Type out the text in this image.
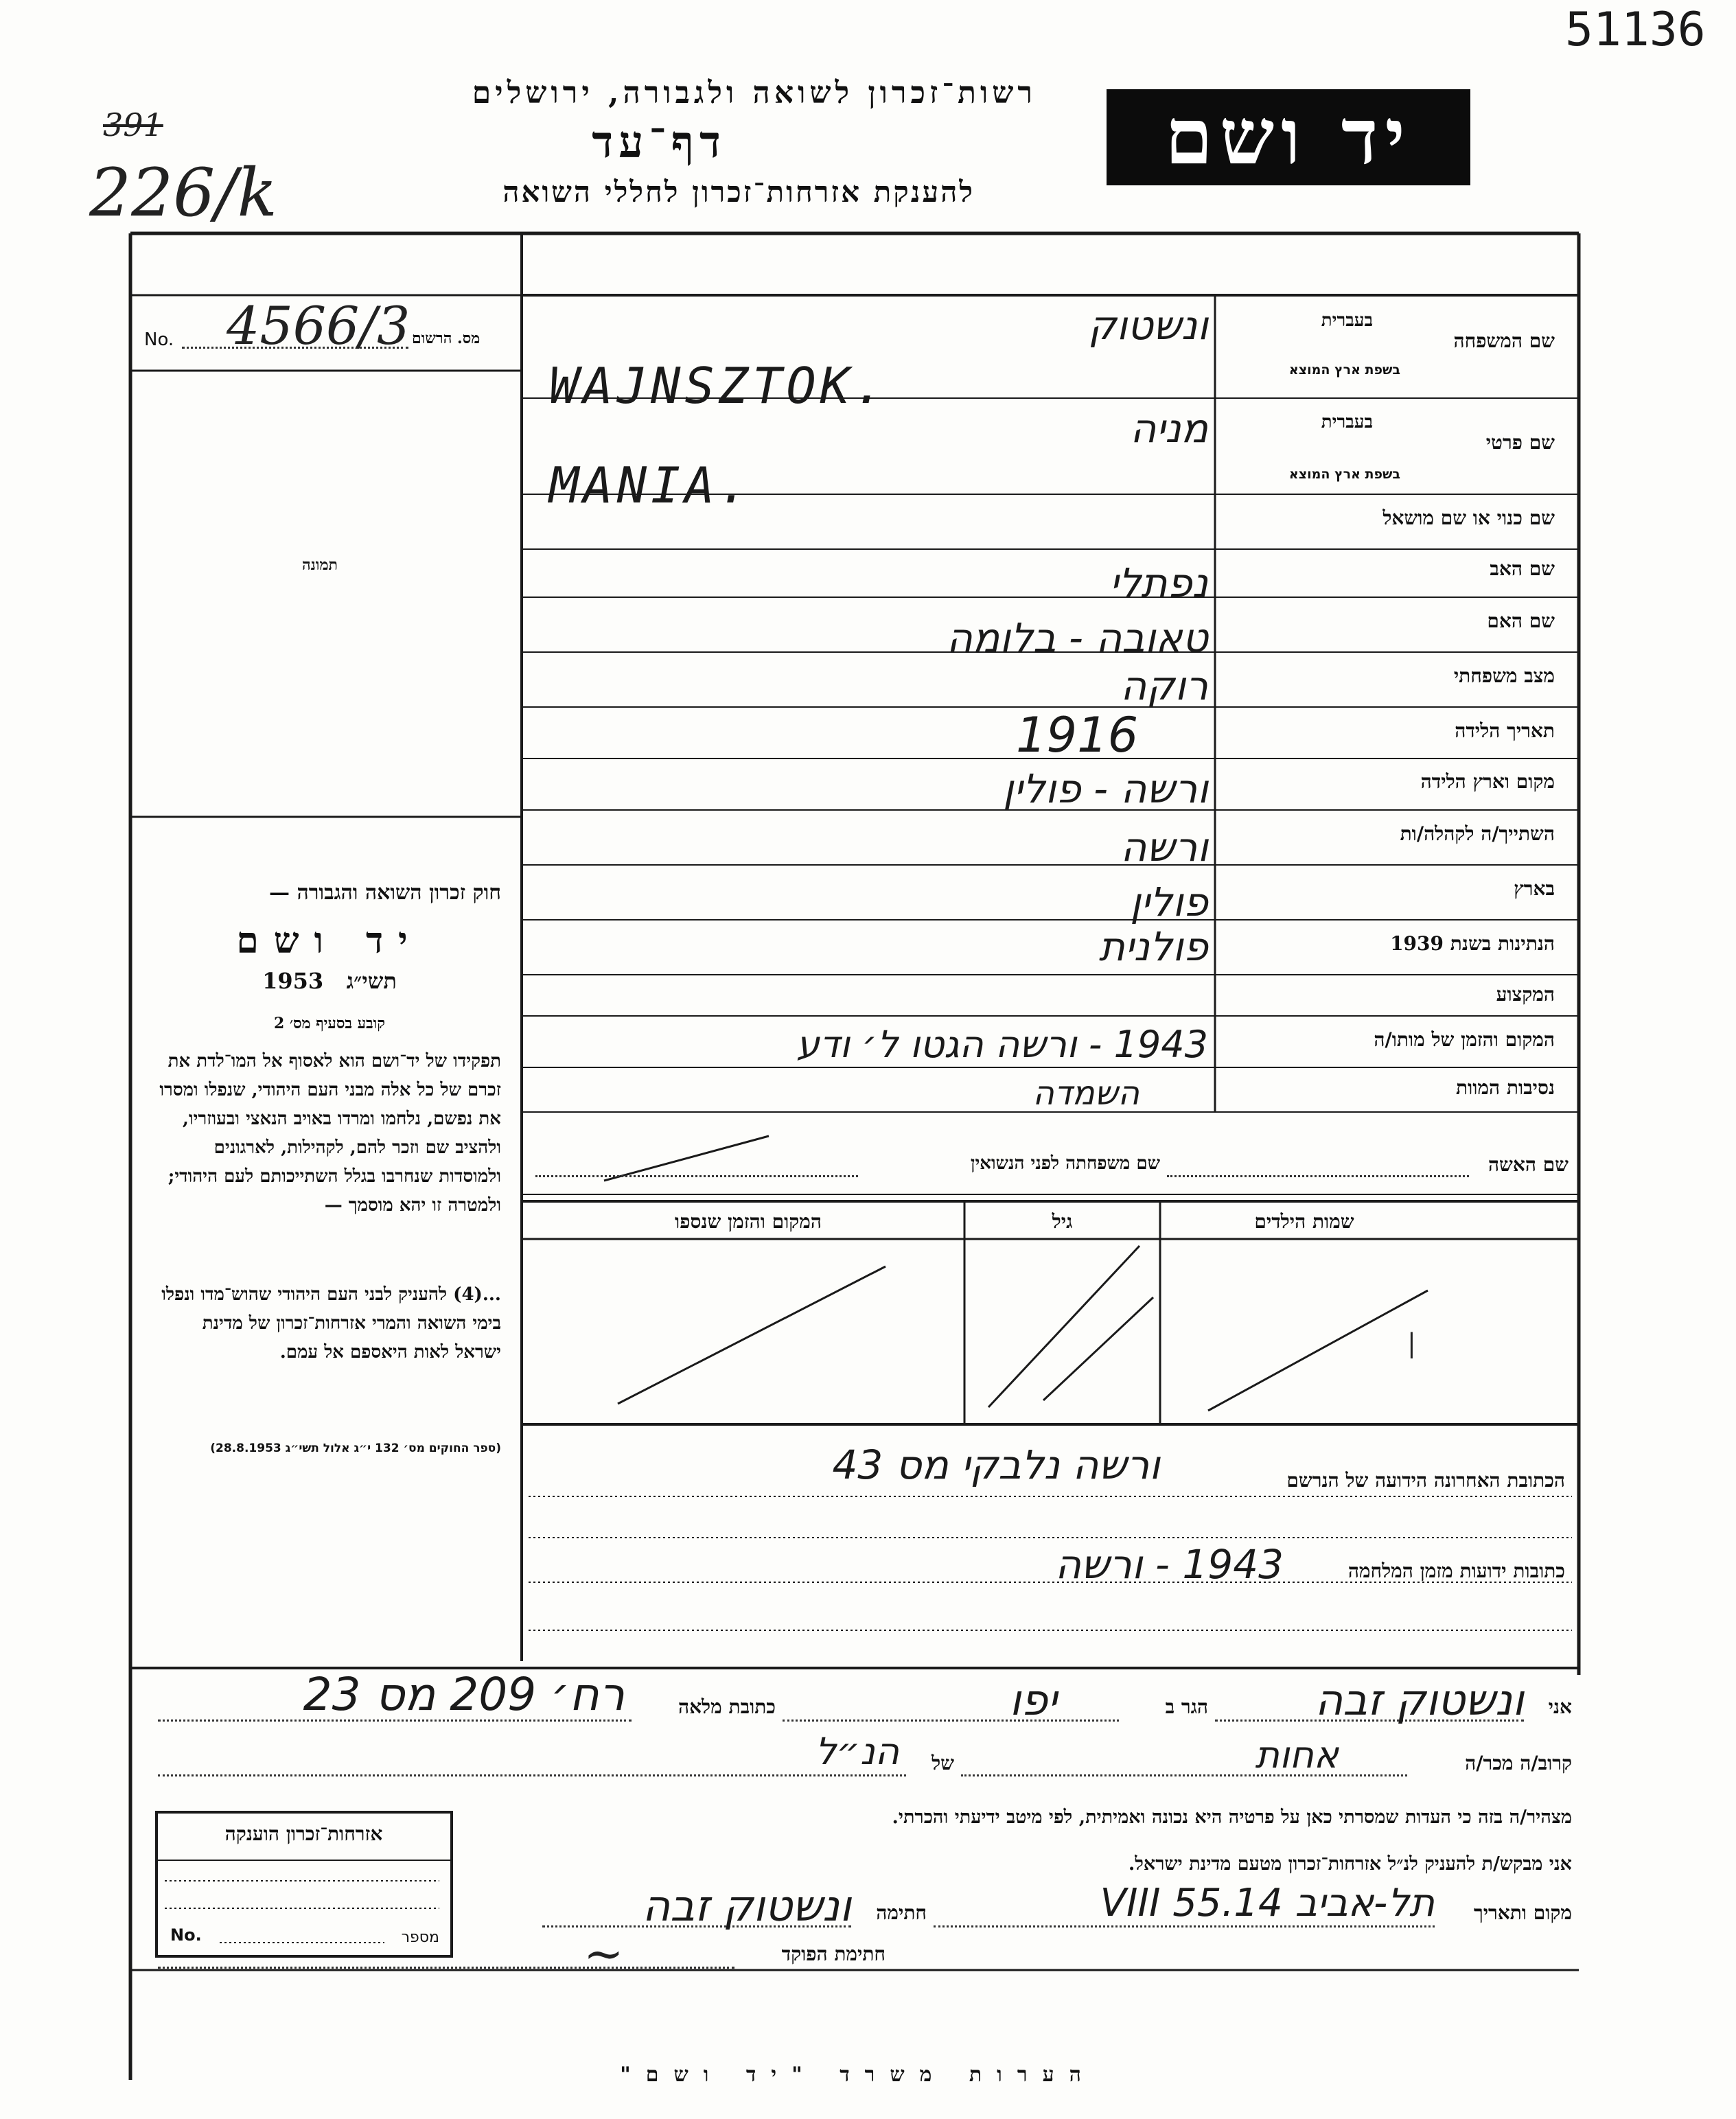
51136
391
226/k
רשות־זכרון לשואה ולגבורה, ירושלים
דף־עד
להענקת אזרחות־זכרון לחללי השואה
יד ושם
מס. הרשום
No. 4566/3
תמונה
חוק זכרון השואה והגבורה —
יד ושם
תשי״ג   1953
קובע בסעיף מס׳ 2
תפקידו של יד־ושם הוא לאסוף אל המו־לדת את זכרם של כל אלה מבני העם היהודי, שנפלו ומסרו את נפשם, נלחמו ומרדו באויב הנאצי ובעוזריו, ולהציב שם וזכר להם, לקהילות, לארגונים ולמוסדות שנחרבו בגלל השתייכותם לעם היהודי; ולמטרה זו יהא מוסמך —
...(4) להעניק לבני העם היהודי שהוש־מדו ונפלו בימי השואה והמרי אזרחות־זכרון של מדינת ישראל לאות היאספם אל עמם.
(ספר החוקים מס׳ 132 י״ג אלול תשי״ג 28.8.1953)
שם המשפחה
בעברית
בשפת ארץ המוצא
שם פרטי
בעברית
בשפת ארץ המוצא
שם כנוי או שם מושאל
שם האב
שם האם
מצב משפחתי
תאריך הלידה
מקום וארץ הלידה
השתייך/ה לקהלה/ות
בארץ
הנתינות בשנת 1939
המקצוע
המקום והזמן של מותו/ה
נסיבות המוות
ונשטוק
WAJNSZTOK.
מניה
MANIA.
נפתלי
טאובה - בלומה
רוקה
1916
ורשה - פולין
ורשה
פולין
פולנית
1943 - ורשה הגטו ל׳ ודע
השמדה
שם האשה
שם משפחתה לפני הנשואין
שמות הילדים
גיל
המקום והזמן שנספו
|
הכתובת האחרונה הידועה של הנרשם
ורשה נלבקי מס 43
כתובות ידועות מזמן המלחמה
1943 - ורשה
אני
ונשטוק זבה
הגר ב
יפו
כתובת מלאה
רח׳ 209 מס 23
קרוב/ה מכר/ה
אחות
של
הנ״ל
מצהיר/ה בזה כי העדות שמסרתי כאן על פרטיה היא נכונה ואמיתית, לפי מיטב ידיעתי והכרתי.
אני מבקש/ת להעניק לנ״ל אזרחות־זכרון מטעם מדינת ישראל.
מקום ותאריך
תל-אביב 14.VIII 55
חתימה
ונשטוק זבה
חתימת הפוקד
~
אזרחות־זכרון הוענקה
No.	מספר
הערות משרד "יד ושם"
